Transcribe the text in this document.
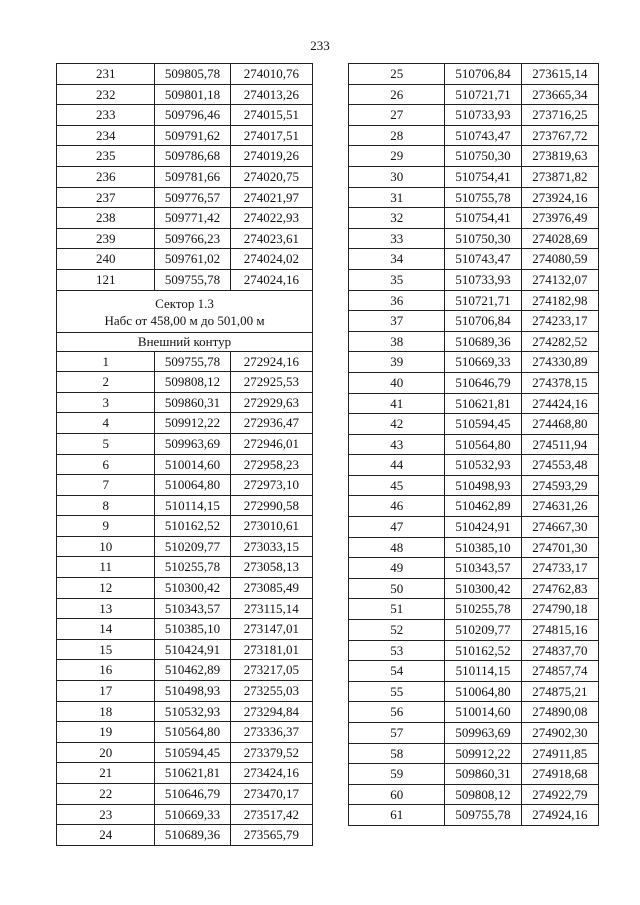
233
231	509805,78	274010,76
232	509801,18	274013,26
233	509796,46	274015,51
234	509791,62	274017,51
235	509786,68	274019,26
236	509781,66	274020,75
237	509776,57	274021,97
238	509771,42	274022,93
239	509766,23	274023,61
240	509761,02	274024,02
121	509755,78	274024,16

Сектор 1.3
Набс от 458,00 м до 501,00 м		

Внешний контур		
1	509755,78	272924,16
2	509808,12	272925,53
3	509860,31	272929,63
4	509912,22	272936,47
5	509963,69	272946,01
6	510014,60	272958,23
7	510064,80	272973,10
8	510114,15	272990,58
9	510162,52	273010,61
10	510209,77	273033,15
11	510255,78	273058,13
12	510300,42	273085,49
13	510343,57	273115,14
14	510385,10	273147,01
15	510424,91	273181,01
16	510462,89	273217,05
17	510498,93	273255,03
18	510532,93	273294,84
19	510564,80	273336,37
20	510594,45	273379,52
21	510621,81	273424,16
22	510646,79	273470,17
23	510669,33	273517,42
24	510689,36	273565,79
25	510706,84	273615,14
26	510721,71	273665,34
27	510733,93	273716,25
28	510743,47	273767,72
29	510750,30	273819,63
30	510754,41	273871,82
31	510755,78	273924,16
32	510754,41	273976,49
33	510750,30	274028,69
34	510743,47	274080,59
35	510733,93	274132,07
36	510721,71	274182,98
37	510706,84	274233,17
38	510689,36	274282,52
39	510669,33	274330,89
40	510646,79	274378,15
41	510621,81	274424,16
42	510594,45	274468,80
43	510564,80	274511,94
44	510532,93	274553,48
45	510498,93	274593,29
46	510462,89	274631,26
47	510424,91	274667,30
48	510385,10	274701,30
49	510343,57	274733,17
50	510300,42	274762,83
51	510255,78	274790,18
52	510209,77	274815,16
53	510162,52	274837,70
54	510114,15	274857,74
55	510064,80	274875,21
56	510014,60	274890,08
57	509963,69	274902,30
58	509912,22	274911,85
59	509860,31	274918,68
60	509808,12	274922,79
61	509755,78	274924,16
